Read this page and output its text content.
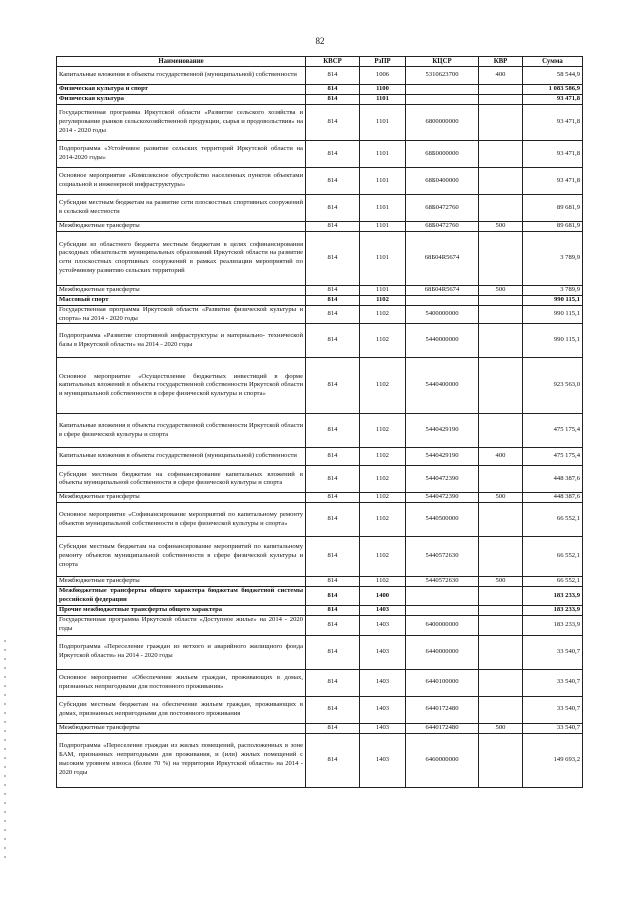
82
Наименование	КВСР	РзПР	КЦСР	КВР	Сумма
Капитальные вложения в объекты государственной (муниципальной) собственности	814	1006	5310623700	400	58 544,9
Физическая культура и спорт	814	1100			1 083 586,9
Физическая культура	814	1101			93 471,8
Государственная программа Иркутской области «Развитие сельского хозяйства и регулирование рынков сельскохозяйственной продукции, сырья и продовольствия» на 2014 - 2020 годы	814	1101	6800000000		93 471,8
Подпрограмма «Устойчивое развитие сельских территорий Иркутской области на 2014-2020 годы»	814	1101	68Б0000000		93 471,8
Основное мероприятие «Комплексное обустройство населенных пунктов объектами социальной и инженерной инфраструктуры»	814	1101	68Б0400000		93 471,8
Субсидии местным бюджетам на развитие сети плоскостных спортивных сооружений в сельской местности	814	1101	68Б0472760		89 681,9
Межбюджетные трансферты	814	1101	68Б0472760	500	89 681,9
Субсидии из областного бюджета местным бюджетам в целях софинансирования расходных обязательств муниципальных образований Иркутской области на развитие сети плоскостных спортивных сооружений в рамках реализации мероприятий по устойчивому развитию сельских территорий	814	1101	68Б04R5674		3 789,9
Межбюджетные трансферты	814	1101	68Б04R5674	500	3 789,9
Массовый спорт	814	1102			990 115,1
Государственная программа Иркутской области «Развитие физической культуры и спорта» на 2014 - 2020 годы	814	1102	5400000000		990 115,1
Подпрограмма «Развитие спортивной инфраструктуры и материально- технической базы в Иркутской области» на 2014 - 2020 годы	814	1102	5440000000		990 115,1
Основное мероприятие «Осуществление бюджетных инвестиций в форме капитальных вложений в объекты государственной собственности Иркутской области и муниципальной собственности в сфере физической культуры и спорта»	814	1102	5440400000		923 563,0
Капитальные вложения в объекты государственной собственности Иркутской области в сфере физической культуры и спорта	814	1102	5440429190		475 175,4
Капитальные вложения в объекты государственной (муниципальной) собственности	814	1102	5440429190	400	475 175,4
Субсидии местным бюджетам на софинансирование капитальных вложений в объекты муниципальной собственности в сфере физической культуры и спорта	814	1102	5440472390		448 387,6
Межбюджетные трансферты	814	1102	5440472390	500	448 387,6
Основное мероприятие «Софинансирование мероприятий по капитальному ремонту объектов муниципальной собственности в сфере физической культуры и спорта»	814	1102	5440500000		66 552,1
Субсидии местным бюджетам на софинансирование мероприятий по капитальному ремонту объектов муниципальной собственности в сфере физической культуры и спорта	814	1102	5440572630		66 552,1
Межбюджетные трансферты	814	1102	5440572630	500	66 552,1
Межбюджетные трансферты общего характера бюджетам бюджетной системы российской федерации	814	1400			183 233,9
Прочие межбюджетные трансферты общего характера	814	1403			183 233,9
Государственная программа Иркутской области «Доступное жилье» на 2014 - 2020 годы	814	1403	6400000000		183 233,9
Подпрограмма «Переселение граждан из ветхого и аварийного жилищного фонда Иркутской области» на 2014 - 2020 годы	814	1403	6440000000		33 540,7
Основное мероприятие «Обеспечение жильем граждан, проживающих в домах, признанных непригодными для постоянного проживания»	814	1403	6440100000		33 540,7
Субсидии местным бюджетам на обеспечение жильем граждан, проживающих в домах, признанных непригодными для постоянного проживания	814	1403	6440172480		33 540,7
Межбюджетные трансферты	814	1403	6440172480	500	33 540,7
Подпрограмма «Переселение граждан из жилых помещений, расположенных в зоне БАМ, признанных непригодными для проживания, и (или) жилых помещений с высоким уровнем износа (более 70 %) на территории Иркутской области» на 2014 - 2020 годы	814	1403	6460000000		149 693,2
